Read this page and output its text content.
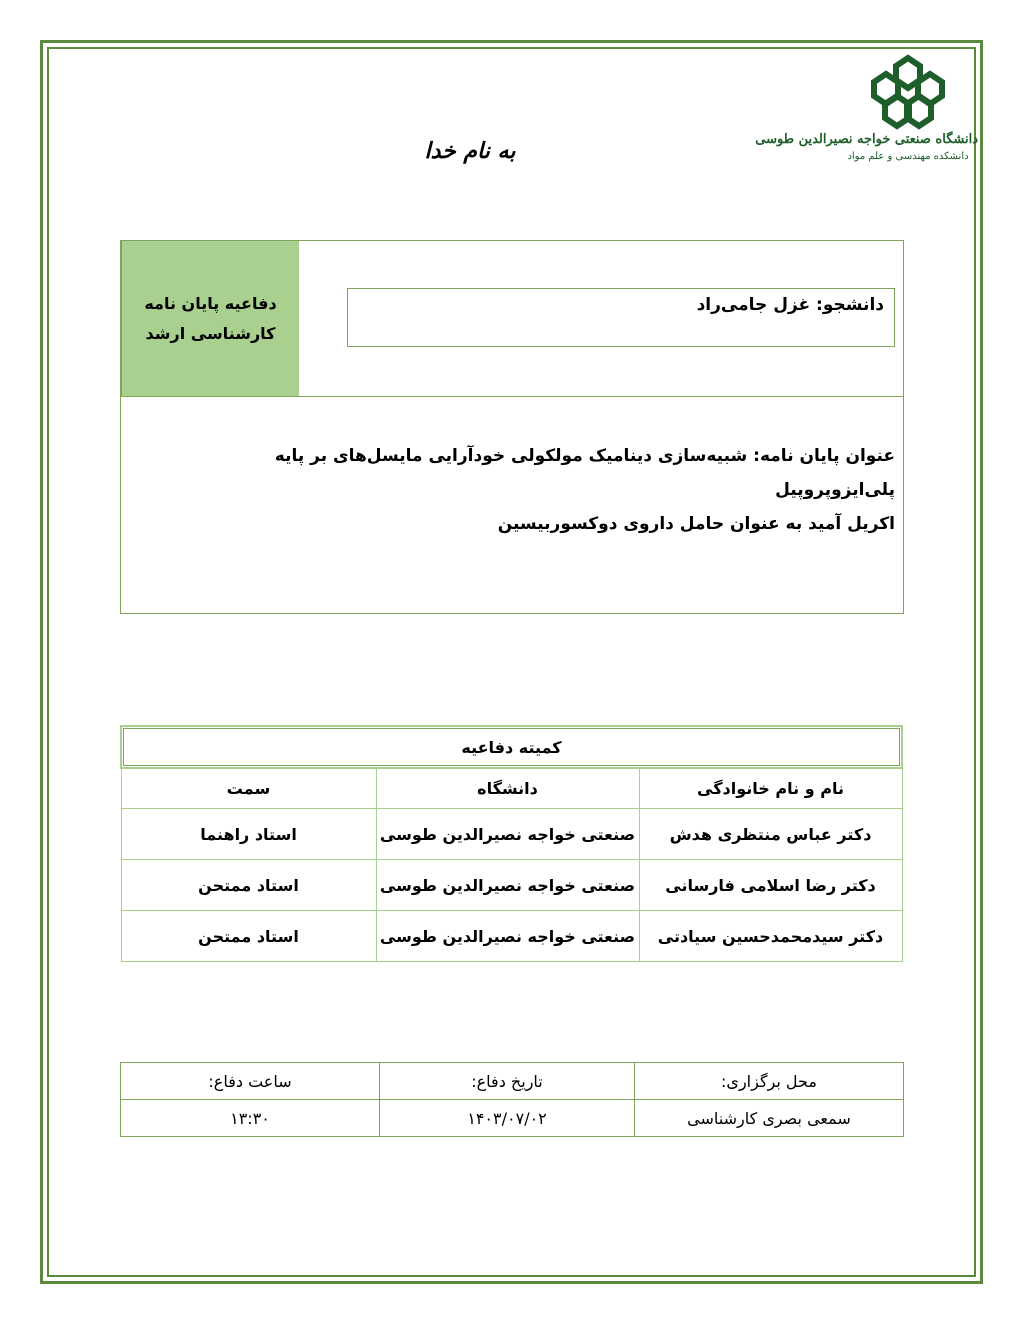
دانشگاه صنعتی خواجه نصیرالدین طوسی
دانشکده مهندسی و علم مواد
به نام خدا
دفاعیه پایان نامه
کارشناسی ارشد
دانشجو: غزل جامی‌راد
عنوان پایان نامه: شبیه‌سازی دینامیک مولکولی خودآرایی مایسل‌های بر پایه پلی‌ایزوپروپیل
اکریل آمید به عنوان حامل داروی دوکسوربیسین
کمیته دفاعیه		
نام و نام خانوادگی	دانشگاه	سمت
دکتر عباس منتظری هدش	صنعتی خواجه نصیرالدین طوسی	استاد راهنما
دکتر رضا اسلامی فارسانی	صنعتی خواجه نصیرالدین طوسی	استاد ممتحن
دکتر سیدمحمدحسین سیادتی	صنعتی خواجه نصیرالدین طوسی	استاد ممتحن
محل برگزاری:	تاریخ دفاع:	ساعت دفاع:
سمعی بصری کارشناسی	۱۴۰۳/۰۷/۰۲	۱۳:۳۰
